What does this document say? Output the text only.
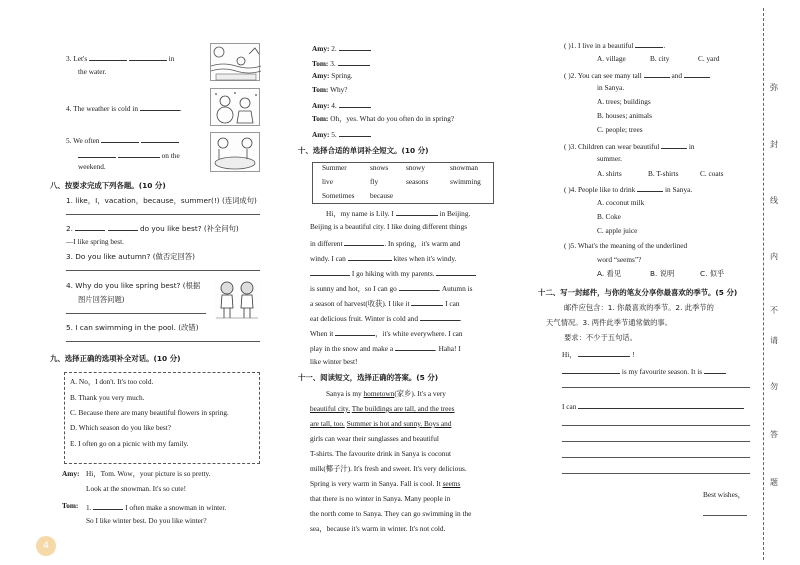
3. Let's	in
the water.
4. The weather is cold in	.
5. We often
on the
weekend.
八、按要求完成下列各题。(10 分)
1. like，I，vacation，because，summer(!) (连词成句)
2.	do you like best? (补全问句)
—I like spring best.
3. Do you like autumn? (做否定回答)
4. Why do you like spring best? (根据
图片回答问题)
5. I can swimming in the pool. (改错)
九、选择正确的选项补全对话。(10 分)
A. No，I don't. It's too cold.
B. Thank you very much.
C. Because there are many beautiful flowers in spring.
D. Which season do you like best?
E. I often go on a picnic with my family.
Amy: Hi，Tom. Wow，your picture is so pretty.
Look at the snowman. It's so cute!
Tom: 1.	I often make a snowman in winter.
So I like winter best. Do you like winter?
4
Amy: 2.
Tom: 3.
Amy: Spring.
Tom: Why?
Amy: 4.
Tom: Oh，yes. What do you often do in spring?
Amy: 5.
十、选择合适的单词补全短文。(10 分)
Summer	snows snowy	snowman
live	fly	seasons	swimming
Sometimes because
Hi，my name is Lily. I	in Beijing.
Beijing is a beautiful city. I like doing different things
in different	. In spring，it's warm and
windy. I can	kites when it's windy.
I go hiking with my parents.
is sunny and hot，so I can go	. Autumn is
a season of harvest(收获). I like it	I can
eat delicious fruit. Winter is cold and	.
When it	，it's white everywhere. I can
play in the snow and make a	. Haha! I
like winter best!
十一、阅读短文，选择正确的答案。(5 分)
Sanya is my hometown(家乡). It's a very
beautiful city. The buildings are tall, and the trees
are tall, too. Summer is hot and sunny. Boys and
girls can wear their sunglasses and beautiful
T-shirts. The favourite drink in Sanya is coconut
milk(椰子汁). It's fresh and sweet. It's very delicious.
Spring is very warm in Sanya. Fall is cool. It seems
that there is no winter in Sanya. Many people in
the north come to Sanya. They can go swimming in the
sea，because it's warm in winter. It's not cold.
( )1. I live in a beautiful	.
A. village	B. city	C. yard
( )2. You can see many tall	and
in Sanya.
A. trees; buildings
B. houses; animals
C. people; trees
( )3. Children can wear beautiful	in
summer.
A. shirts	B. T-shirts	C. coats
( )4. People like to drink	in Sanya.
A. coconut milk
B. Coke
C. apple juice
( )5. What's the meaning of the underlined
word “seems”?
A. 看见	B. 说明	C. 似乎
十二、写一封邮件，与你的笔友分享你最喜欢的季节。(5 分)
邮件应包含：1. 你最喜欢的季节。2. 此季节的
天气情况。3. 两件此季节通常做的事。
要求：不少于五句话。
Hi，	!
is my favourite season. It is
I can
Best wishes，
弥
封
线
内
不
请
勿
答
题
